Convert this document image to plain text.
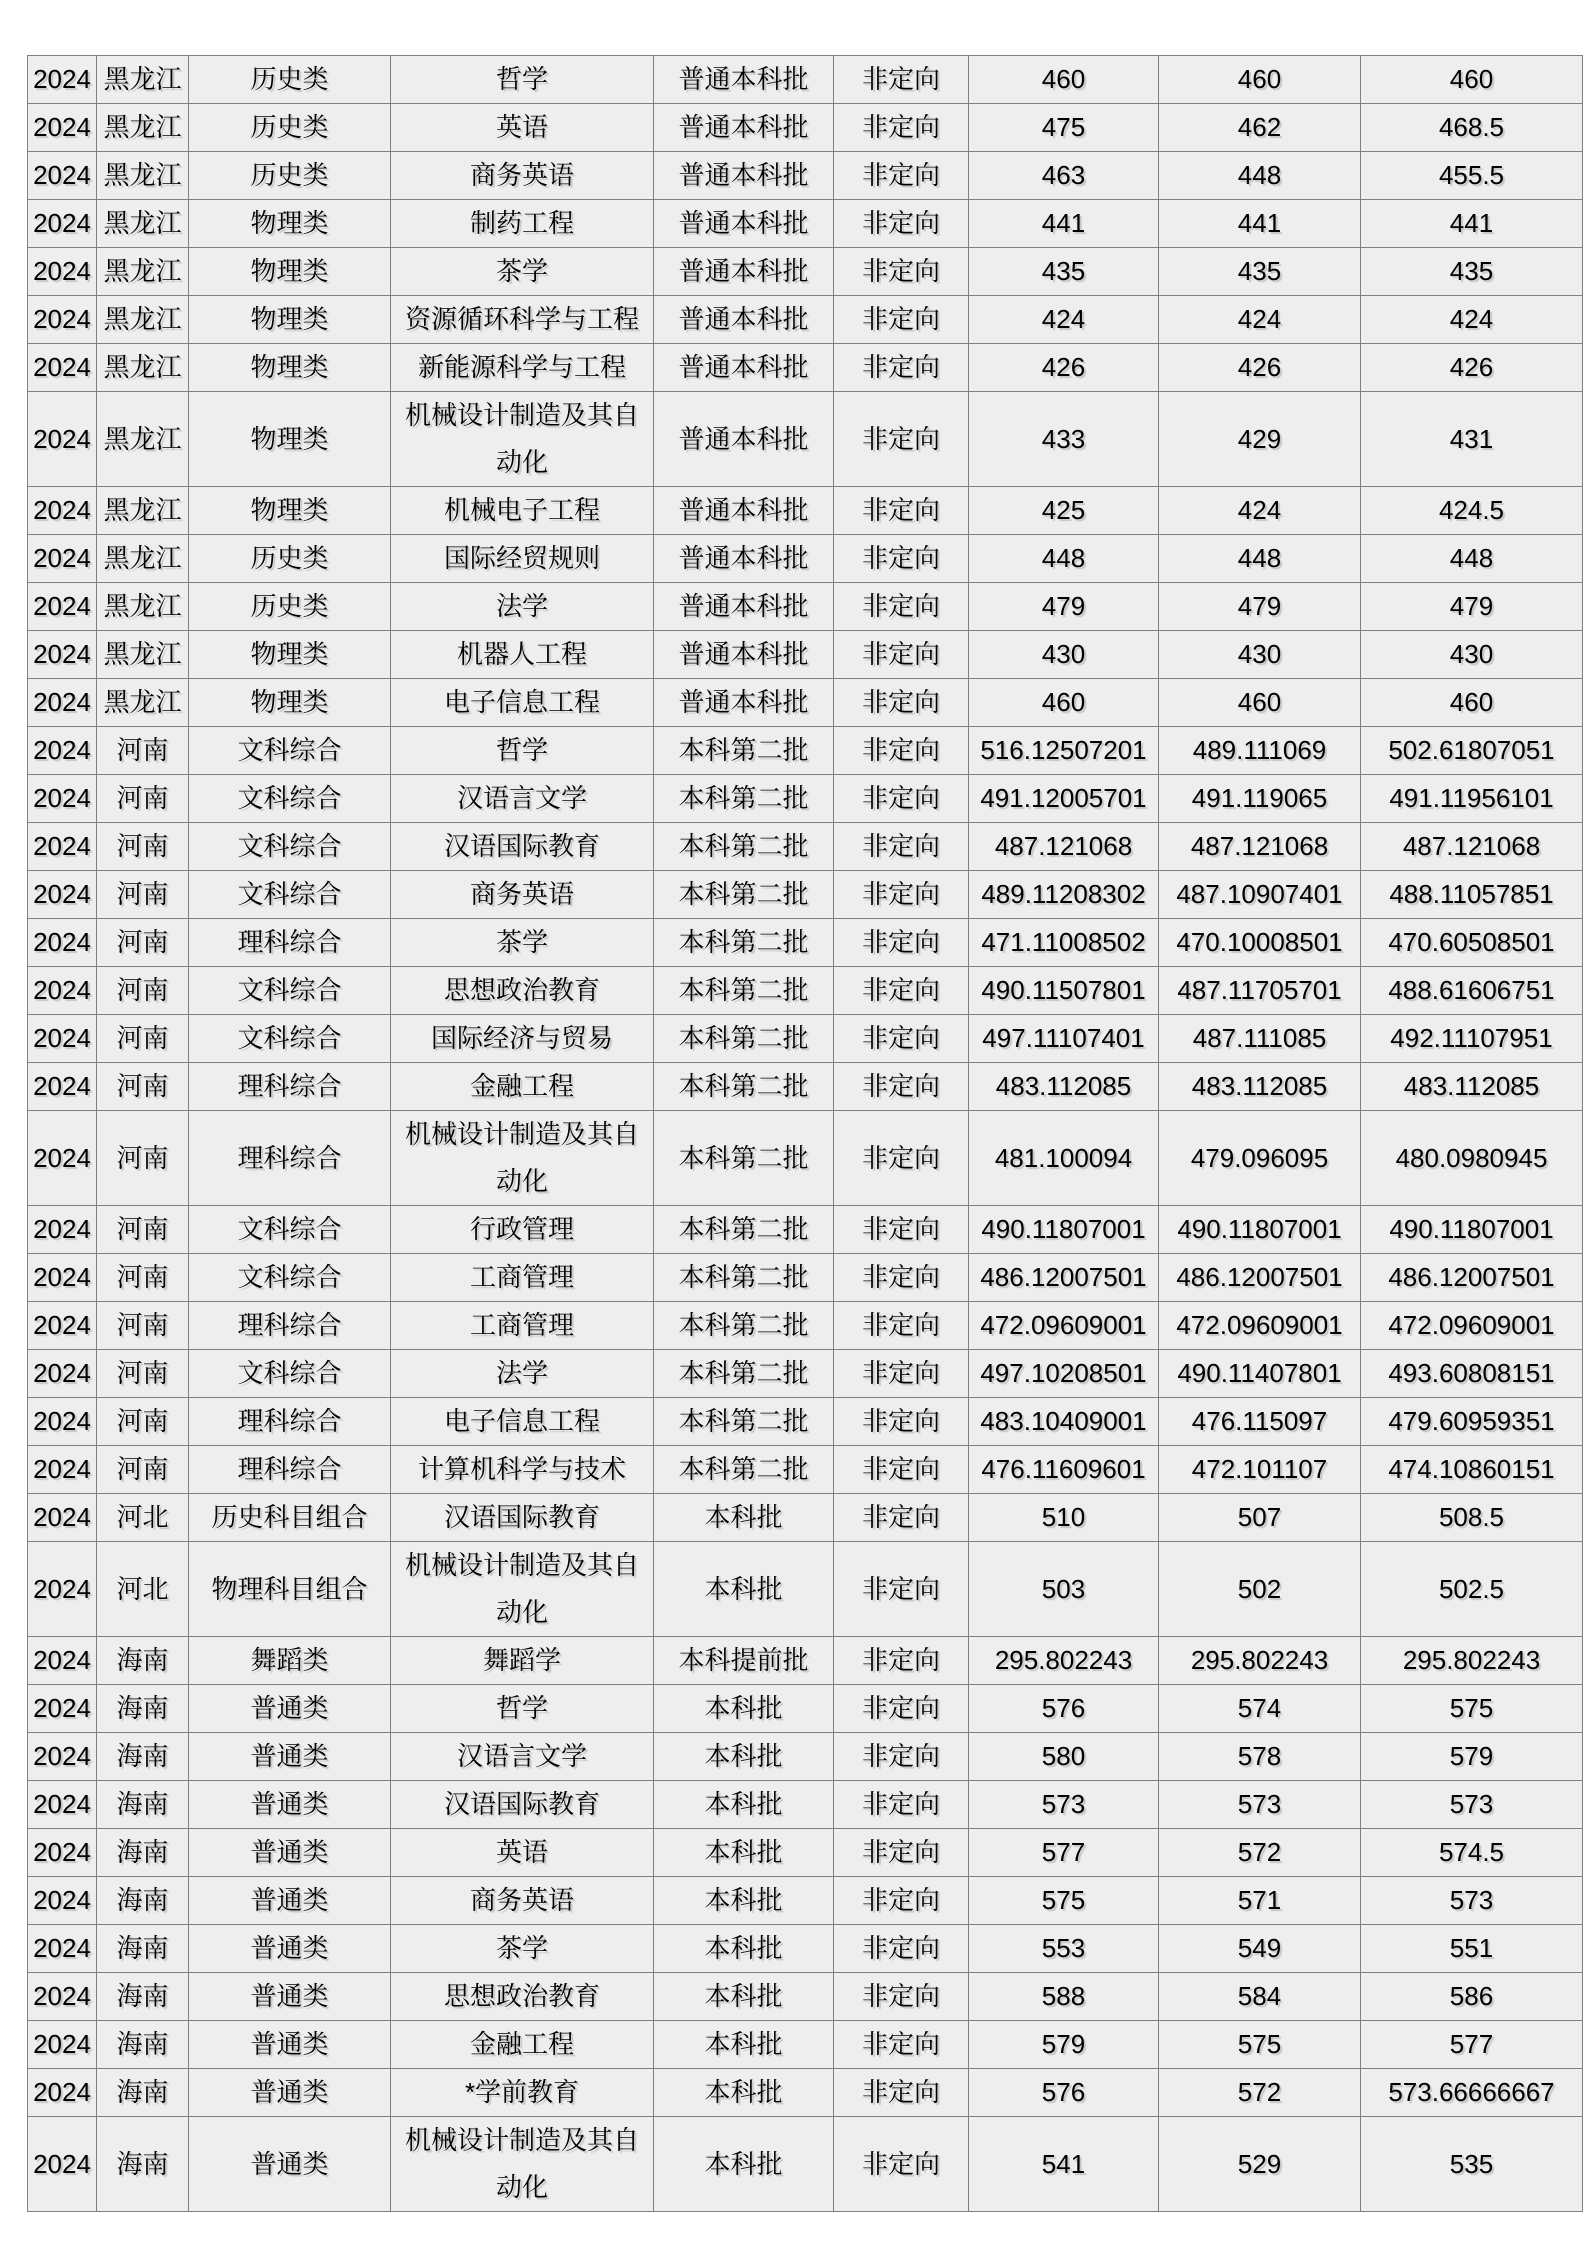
2024	黑龙江	历史类	哲学	普通本科批	非定向	460	460	460
2024	黑龙江	历史类	英语	普通本科批	非定向	475	462	468.5
2024	黑龙江	历史类	商务英语	普通本科批	非定向	463	448	455.5
2024	黑龙江	物理类	制药工程	普通本科批	非定向	441	441	441
2024	黑龙江	物理类	茶学	普通本科批	非定向	435	435	435
2024	黑龙江	物理类	资源循环科学与工程	普通本科批	非定向	424	424	424
2024	黑龙江	物理类	新能源科学与工程	普通本科批	非定向	426	426	426
2024	黑龙江	物理类	机械设计制造及其自动化	普通本科批	非定向	433	429	431
2024	黑龙江	物理类	机械电子工程	普通本科批	非定向	425	424	424.5
2024	黑龙江	历史类	国际经贸规则	普通本科批	非定向	448	448	448
2024	黑龙江	历史类	法学	普通本科批	非定向	479	479	479
2024	黑龙江	物理类	机器人工程	普通本科批	非定向	430	430	430
2024	黑龙江	物理类	电子信息工程	普通本科批	非定向	460	460	460
2024	河南	文科综合	哲学	本科第二批	非定向	516.12507201	489.111069	502.61807051
2024	河南	文科综合	汉语言文学	本科第二批	非定向	491.12005701	491.119065	491.11956101
2024	河南	文科综合	汉语国际教育	本科第二批	非定向	487.121068	487.121068	487.121068
2024	河南	文科综合	商务英语	本科第二批	非定向	489.11208302	487.10907401	488.11057851
2024	河南	理科综合	茶学	本科第二批	非定向	471.11008502	470.10008501	470.60508501
2024	河南	文科综合	思想政治教育	本科第二批	非定向	490.11507801	487.11705701	488.61606751
2024	河南	文科综合	国际经济与贸易	本科第二批	非定向	497.11107401	487.111085	492.11107951
2024	河南	理科综合	金融工程	本科第二批	非定向	483.112085	483.112085	483.112085
2024	河南	理科综合	机械设计制造及其自动化	本科第二批	非定向	481.100094	479.096095	480.0980945
2024	河南	文科综合	行政管理	本科第二批	非定向	490.11807001	490.11807001	490.11807001
2024	河南	文科综合	工商管理	本科第二批	非定向	486.12007501	486.12007501	486.12007501
2024	河南	理科综合	工商管理	本科第二批	非定向	472.09609001	472.09609001	472.09609001
2024	河南	文科综合	法学	本科第二批	非定向	497.10208501	490.11407801	493.60808151
2024	河南	理科综合	电子信息工程	本科第二批	非定向	483.10409001	476.115097	479.60959351
2024	河南	理科综合	计算机科学与技术	本科第二批	非定向	476.11609601	472.101107	474.10860151
2024	河北	历史科目组合	汉语国际教育	本科批	非定向	510	507	508.5
2024	河北	物理科目组合	机械设计制造及其自动化	本科批	非定向	503	502	502.5
2024	海南	舞蹈类	舞蹈学	本科提前批	非定向	295.802243	295.802243	295.802243
2024	海南	普通类	哲学	本科批	非定向	576	574	575
2024	海南	普通类	汉语言文学	本科批	非定向	580	578	579
2024	海南	普通类	汉语国际教育	本科批	非定向	573	573	573
2024	海南	普通类	英语	本科批	非定向	577	572	574.5
2024	海南	普通类	商务英语	本科批	非定向	575	571	573
2024	海南	普通类	茶学	本科批	非定向	553	549	551
2024	海南	普通类	思想政治教育	本科批	非定向	588	584	586
2024	海南	普通类	金融工程	本科批	非定向	579	575	577
2024	海南	普通类	*学前教育	本科批	非定向	576	572	573.66666667
2024	海南	普通类	机械设计制造及其自动化	本科批	非定向	541	529	535
